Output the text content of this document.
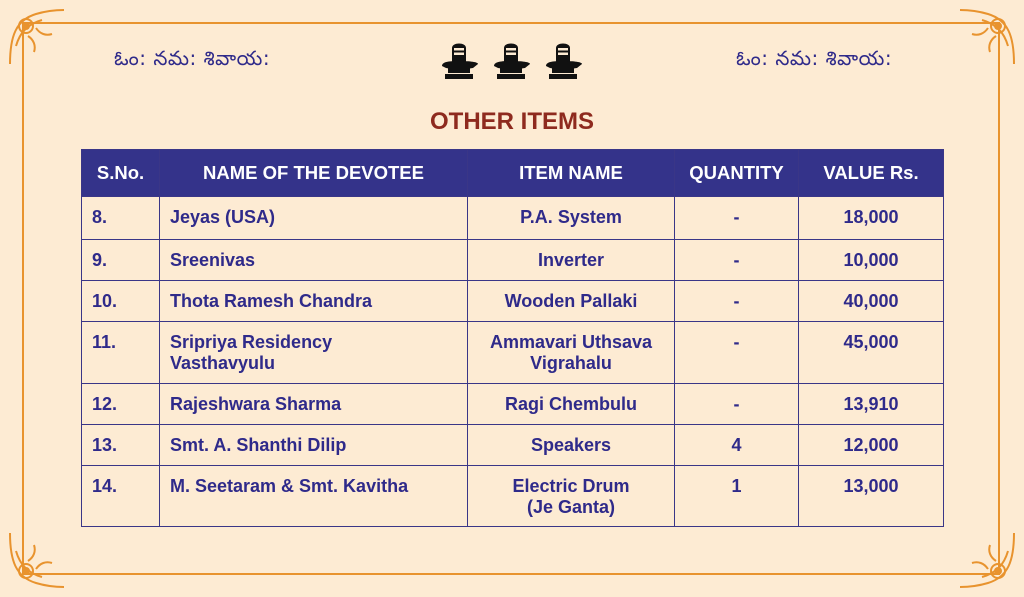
ఓం: నమ: శివాయ:	ఓం: నమ: శివాయ:
OTHER ITEMS
S.No.	NAME OF THE DEVOTEE	ITEM NAME	QUANTITY	VALUE Rs.
8.	Jeyas (USA)	P.A. System	-	18,000
9.	Sreenivas	Inverter	-	10,000
10.	Thota Ramesh Chandra	Wooden Pallaki	-	40,000
11.	Sripriya Residency Vasthavyulu	Ammavari Uthsava Vigrahalu	-	45,000
12.	Rajeshwara Sharma	Ragi Chembulu	-	13,910
13.	Smt. A. Shanthi Dilip	Speakers	4	12,000
14.	M. Seetaram & Smt. Kavitha	Electric Drum (Je Ganta)	1	13,000
